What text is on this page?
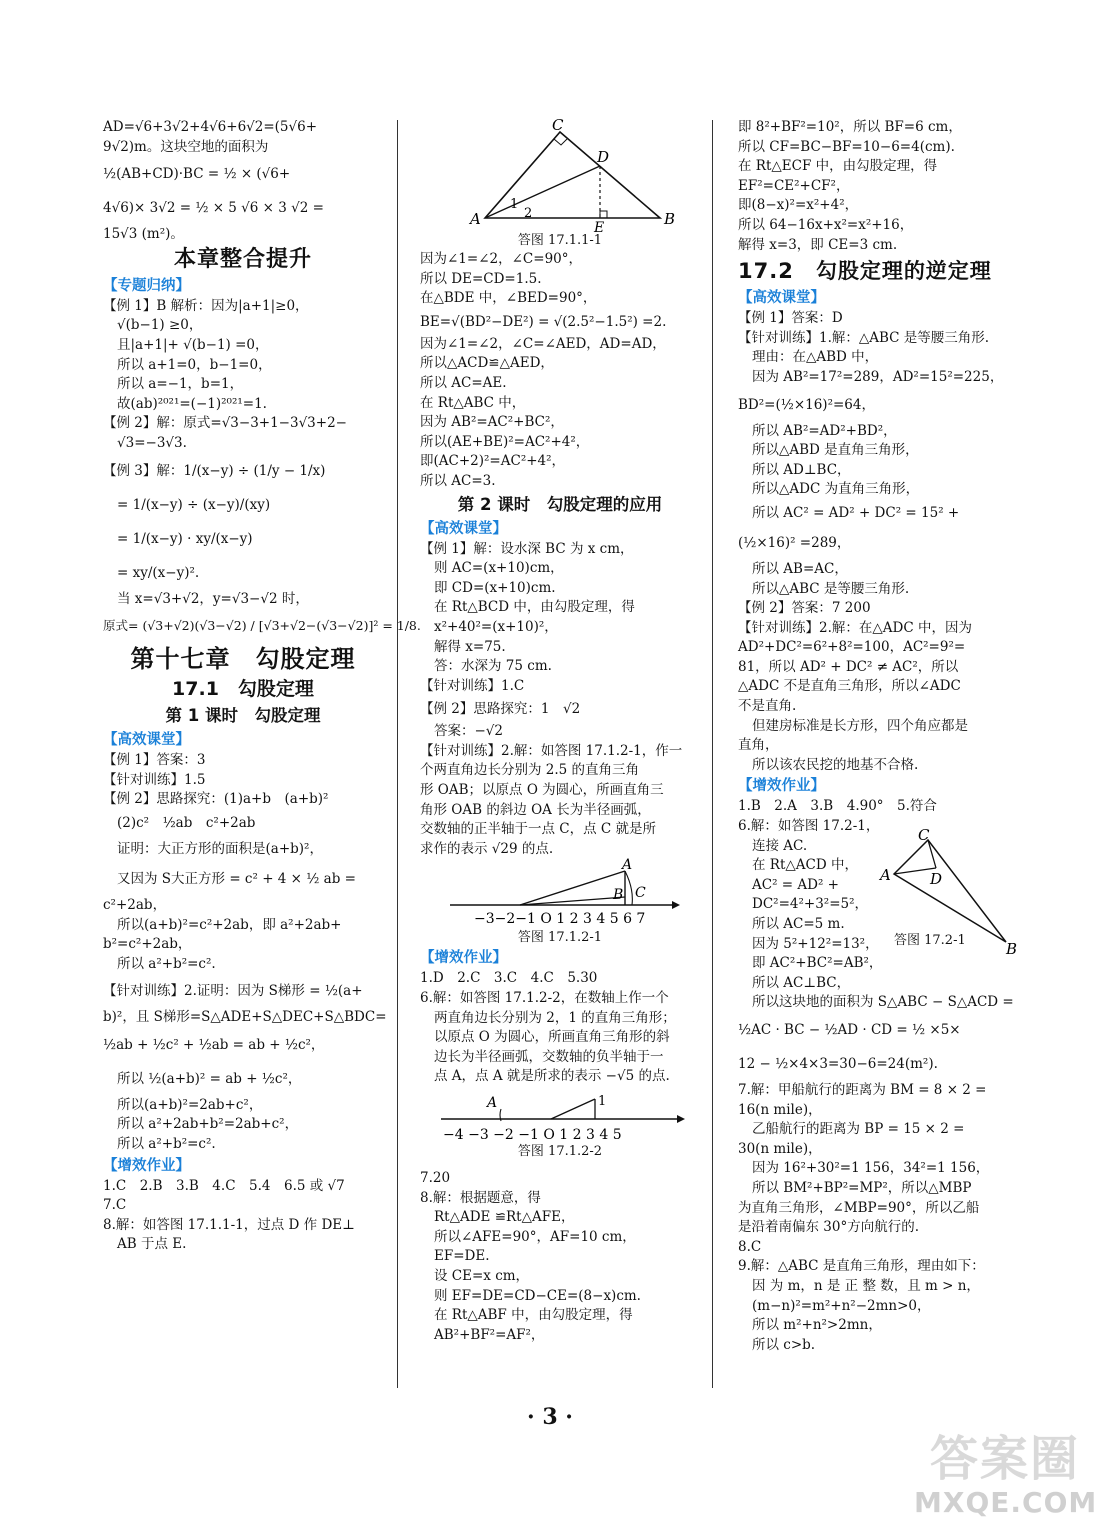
AD=√6+3√2+4√6+6√2=(5√6+
9√2)m。这块空地的面积为
½(AB+CD)·BC = ½ × (√6+
4√6)× 3√2 = ½ × 5 √6 × 3 √2 =
15√3 (m²)。
本章整合提升
【专题归纳】
【例 1】B 解析：因为|a+1|≥0，
√(b−1) ≥0，
且|a+1|+ √(b−1) =0，
所以 a+1=0，b−1=0，
所以 a=−1，b=1，
故(ab)²⁰²¹=(−1)²⁰²¹=1.
【例 2】解：原式=√3−3+1−3√3+2−
√3=−3√3.
【例 3】解：1/(x−y) ÷ (1/y − 1/x)
= 1/(x−y) ÷ (x−y)/(xy)
= 1/(x−y) · xy/(x−y)
= xy/(x−y)².
当 x=√3+√2，y=√3−√2 时，
原式= (√3+√2)(√3−√2) / [√3+√2−(√3−√2)]² = 1/8.
第十七章　勾股定理
17.1　勾股定理
第 1 课时　勾股定理
【高效课堂】
【例 1】答案：3
【针对训练】1.5
【例 2】思路探究：(1)a+b　(a+b)²
(2)c²　½ab　c²+2ab
证明：大正方形的面积是(a+b)²，
又因为 S大正方形 = c² + 4 × ½ ab =
c²+2ab，
所以(a+b)²=c²+2ab，即 a²+2ab+
b²=c²+2ab，
所以 a²+b²=c².
【针对训练】2.证明：因为 S梯形 = ½(a+
b)²，且 S梯形=S△ADE+S△DEC+S△BDC=
½ab + ½c² + ½ab = ab + ½c²，
所以 ½(a+b)² = ab + ½c²，
所以(a+b)²=2ab+c²，
所以 a²+2ab+b²=2ab+c²，
所以 a²+b²=c².
【增效作业】
1.C　2.B　3.B　4.C　5.4　6.5 或 √7
7.C
8.解：如答图 17.1.1-1，过点 D 作 DE⊥
AB 于点 E.
C
D
A	B
E
1
2
答图 17.1.1-1
因为∠1=∠2，∠C=90°，
所以 DE=CD=1.5.
在△BDE 中，∠BED=90°，
BE=√(BD²−DE²) = √(2.5²−1.5²) =2.
因为∠1=∠2，∠C=∠AED，AD=AD，
所以△ACD≌△AED，
所以 AC=AE.
在 Rt△ABC 中，
因为 AB²=AC²+BC²，
所以(AE+BE)²=AC²+4²，
即(AC+2)²=AC²+4²，
所以 AC=3.
第 2 课时　勾股定理的应用
【高效课堂】
【例 1】解：设水深 BC 为 x cm，
则 AC=(x+10)cm，
即 CD=(x+10)cm.
在 Rt△BCD 中，由勾股定理，得
x²+40²=(x+10)²，
解得 x=75.
答：水深为 75 cm.
【针对训练】1.C
【例 2】思路探究：1　√2
答案：−√2
【针对训练】2.解：如答图 17.1.2-1，作一
个两直角边长分别为 2.5 的直角三角
形 OAB；以原点 O 为圆心，所画直角三
角形 OAB 的斜边 OA 长为半径画弧，
交数轴的正半轴于一点 C，点 C 就是所
求作的表示 √29 的点.
A
B C
−3−2−1 O 1 2 3 4 5 6 7
答图 17.1.2-1
【增效作业】
1.D　2.C　3.C　4.C　5.30
6.解：如答图 17.1.2-2，在数轴上作一个
两直角边长分别为 2，1 的直角三角形；
以原点 O 为圆心，所画直角三角形的斜
边长为半径画弧，交数轴的负半轴于一
点 A，点 A 就是所求的表示 −√5 的点.
A	1
−4 −3 −2 −1 O 1 2 3 4 5
答图 17.1.2-2
7.20
8.解：根据题意，得
Rt△ADE ≌Rt△AFE，
所以∠AFE=90°，AF=10 cm，
EF=DE.
设 CE=x cm，
则 EF=DE=CD−CE=(8−x)cm.
在 Rt△ABF 中，由勾股定理，得
AB²+BF²=AF²，
即 8²+BF²=10²，所以 BF=6 cm，
所以 CF=BC−BF=10−6=4(cm).
在 Rt△ECF 中，由勾股定理，得
EF²=CE²+CF²，
即(8−x)²=x²+4²，
所以 64−16x+x²=x²+16，
解得 x=3，即 CE=3 cm.
17.2　勾股定理的逆定理
【高效课堂】
【例 1】答案：D
【针对训练】1.解：△ABC 是等腰三角形.
理由：在△ABD 中，
因为 AB²=17²=289，AD²=15²=225，
BD²=(½×16)²=64，
所以 AB²=AD²+BD²，
所以△ABD 是直角三角形，
所以 AD⊥BC，
所以△ADC 为直角三角形，
所以 AC² = AD² + DC² = 15² +
(½×16)² =289，
所以 AB=AC，
所以△ABC 是等腰三角形.
【例 2】答案：7 200
【针对训练】2.解：在△ADC 中，因为
AD²+DC²=6²+8²=100，AC²=9²=
81，所以 AD² + DC² ≠ AC²，所以
△ADC 不是直角三角形，所以∠ADC
不是直角.
但建房标准是长方形，四个角应都是
直角，
所以该农民挖的地基不合格.
【增效作业】
1.B　2.A　3.B　4.90°　5.符合
6.解：如答图 17.2-1，
连接 AC.
在 Rt△ACD 中，
AC² = AD² +
DC²=4²+3²=5²，
所以 AC=5 m.
因为 5²+12²=13²，
即 AC²+BC²=AB²，
所以 AC⊥BC，
所以这块地的面积为 S△ABC − S△ACD =
½AC · BC − ½AD · CD = ½ ×5×
12 − ½×4×3=30−6=24(m²).
7.解：甲船航行的距离为 BM = 8 × 2 =
16(n mile)，
乙船航行的距离为 BP = 15 × 2 =
30(n mile)，
因为 16²+30²=1 156，34²=1 156，
所以 BM²+BP²=MP²，所以△MBP
为直角三角形，∠MBP=90°，所以乙船
是沿着南偏东 30°方向航行的.
8.C
9.解：△ABC 是直角三角形，理由如下：
因 为 m，n 是 正 整 数，且 m > n，
(m−n)²=m²+n²−2mn>0，
所以 m²+n²>2mn，
所以 c>b.
C
A	D
B
答图 17.2-1
· 3 ·
答案圈
MXQE.COM
